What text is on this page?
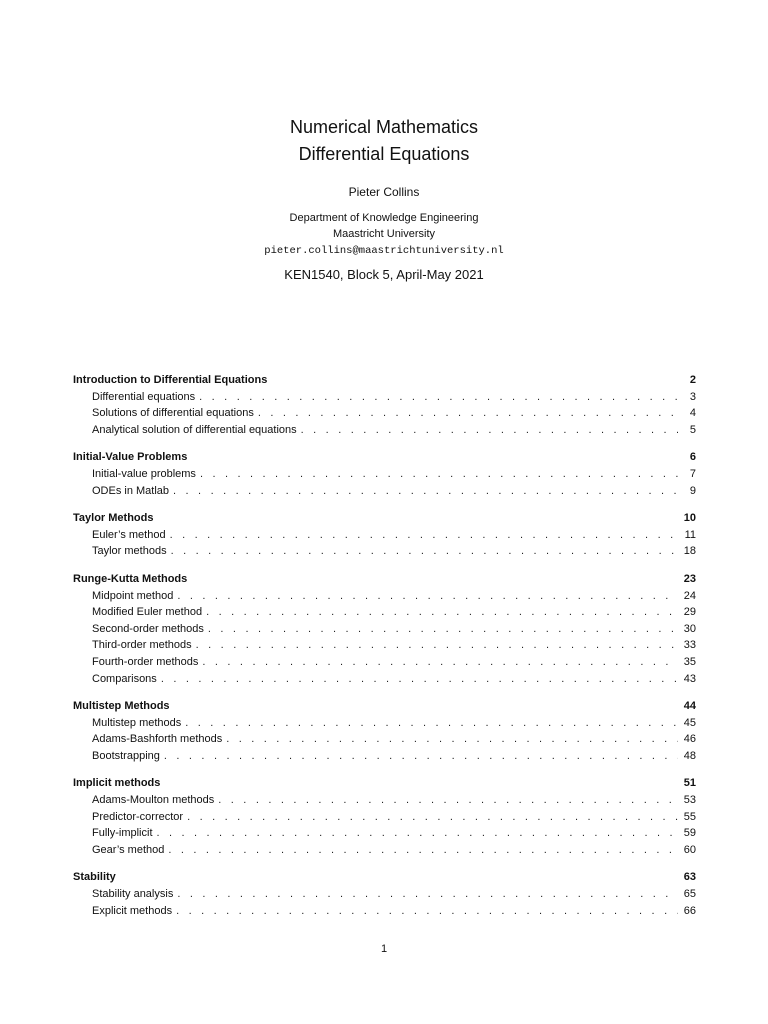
Numerical Mathematics
Differential Equations
Pieter Collins
Department of Knowledge Engineering
Maastricht University
pieter.collins@maastrichtuniversity.nl
KEN1540, Block 5, April-May 2021
Introduction to Differential Equations	2
Differential equations . . .	3
Solutions of differential equations . . .	4
Analytical solution of differential equations . . .	5
Initial-Value Problems	6
Initial-value problems . . .	7
ODEs in Matlab . . .	9
Taylor Methods	10
Euler’s method . . .	11
Taylor methods . . .	18
Runge-Kutta Methods	23
Midpoint method . . .	24
Modified Euler method . . .	29
Second-order methods . . .	30
Third-order methods . . .	33
Fourth-order methods . . .	35
Comparisons . . .	43
Multistep Methods	44
Multistep methods . . .	45
Adams-Bashforth methods . . .	46
Bootstrapping . . .	48
Implicit methods	51
Adams-Moulton methods . . .	53
Predictor-corrector . . .	55
Fully-implicit . . .	59
Gear’s method . . .	60
Stability	63
Stability analysis . . .	65
Explicit methods . . .	66
1
